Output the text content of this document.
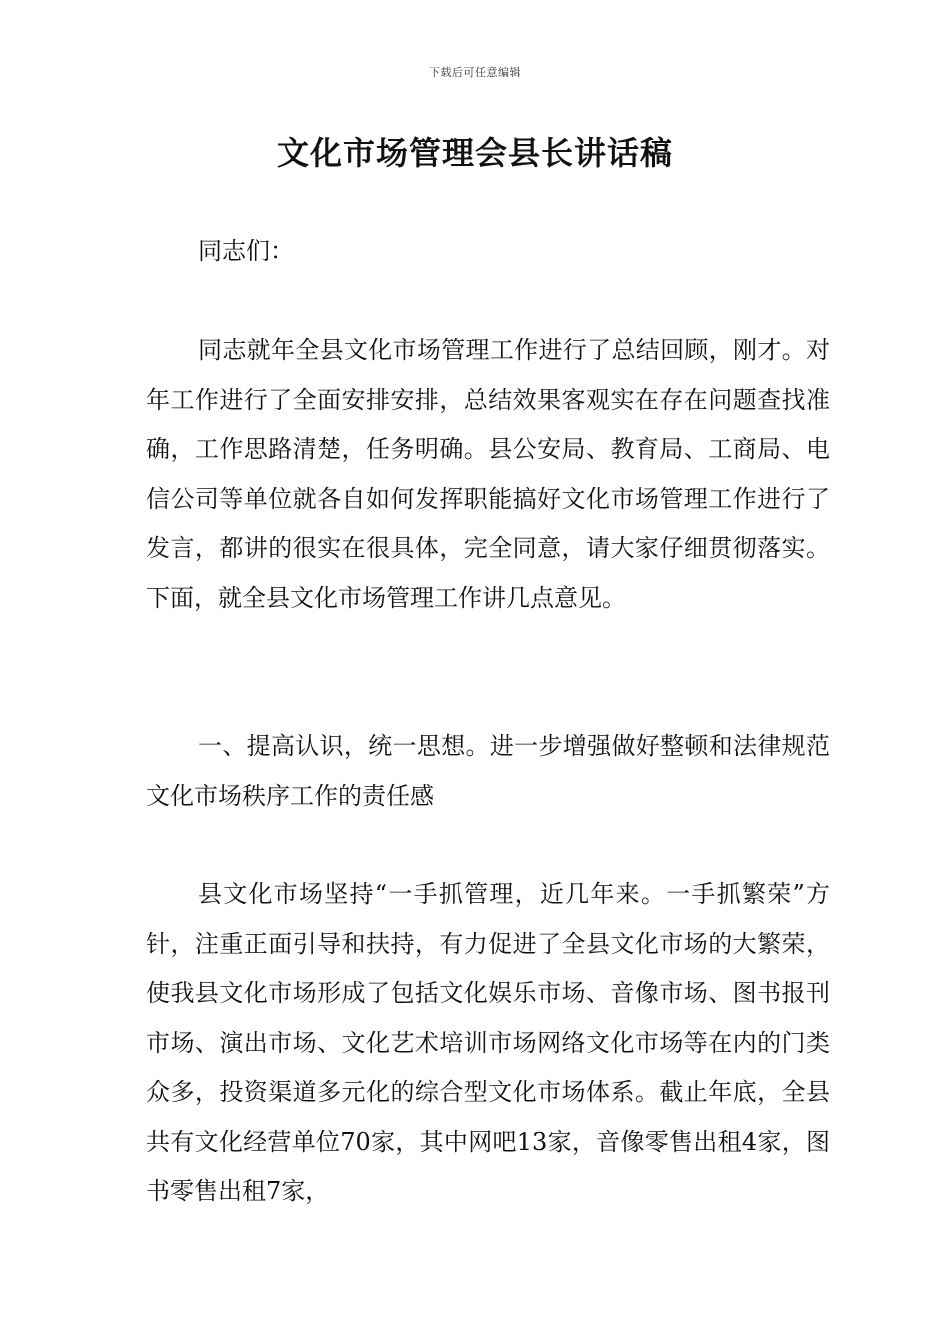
下载后可任意编辑
文化市场管理会县长讲话稿

同志们：

同志就年全县文化市场管理工作进行了总结回顾，刚才。对年工作进行了全面安排安排，总结效果客观实在存在问题查找准确，工作思路清楚，任务明确。县公安局、教育局、工商局、电信公司等单位就各自如何发挥职能搞好文化市场管理工作进行了发言，都讲的很实在很具体，完全同意，请大家仔细贯彻落实。下面，就全县文化市场管理工作讲几点意见。

一、提高认识，统一思想。进一步增强做好整顿和法律规范文化市场秩序工作的责任感

县文化市场坚持“一手抓管理，近几年来。一手抓繁荣”方针，注重正面引导和扶持，有力促进了全县文化市场的大繁荣，使我县文化市场形成了包括文化娱乐市场、音像市场、图书报刊市场、演出市场、文化艺术培训市场网络文化市场等在内的门类众多，投资渠道多元化的综合型文化市场体系。截止年底，全县共有文化经营单位70家，其中网吧13家，音像零售出租4家，图书零售出租7家，
